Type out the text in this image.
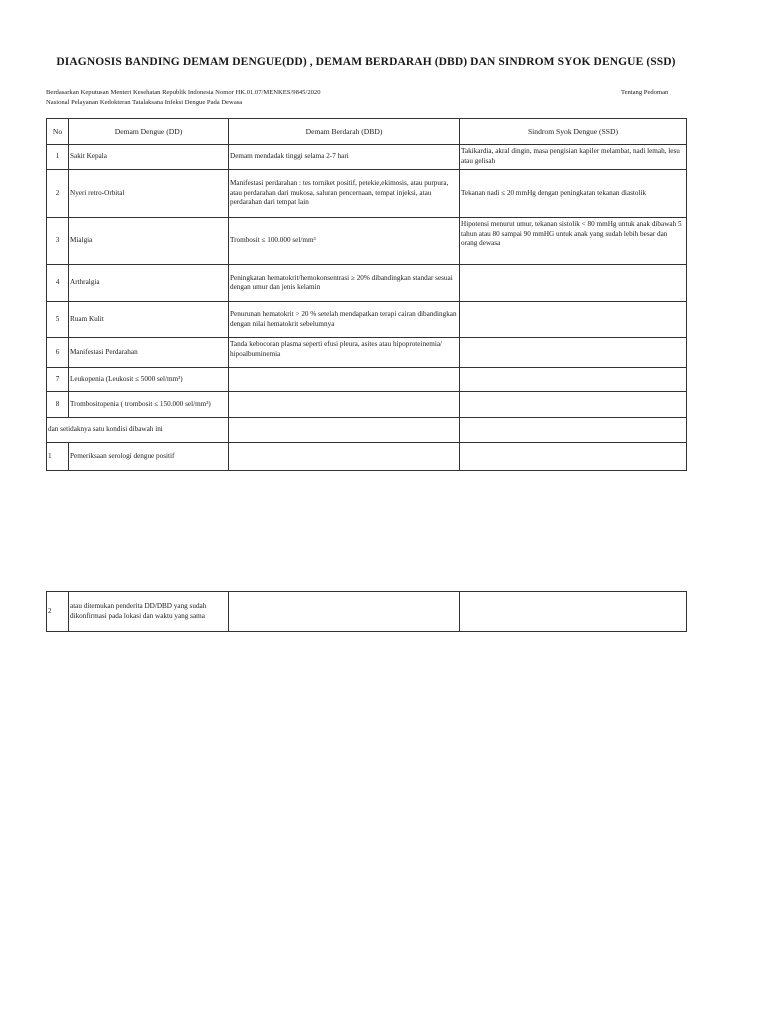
DIAGNOSIS BANDING DEMAM DENGUE(DD) , DEMAM BERDARAH (DBD) DAN SINDROM SYOK DENGUE (SSD)
Berdasarkan Keputusan Menteri Kesehatan Republik Indonesia Nomor HK.01.07/MENKES/9845/2020
Nasional Pelayanan Kedokteran Tatalaksana Infeksi Dengue Pada Dewasa
Tentang Pedoman
No	Demam Dengue (DD)	Demam Berdarah (DBD)	Sindrom Syok Dengue (SSD)
1	Sakit Kepala	Demam mendadak tinggi selama 2-7 hari	Takikardia, akral dingin, masa pengisian kapiler melambat, nadi lemah, lesu atau gelisah
2	Nyeri retro-Orbital	Manifestasi perdarahan : tes torniket positif, petekie,ekimosis, atau purpura, atau perdarahan dari mukosa, saluran pencernaan, tempat injeksi, atau perdarahan dari tempat lain	Tekanan nadi ≤ 20 mmHg dengan peningkatan tekanan diastolik
3	Mialgia	Trombosit ≤ 100.000 sel/mm³	Hipotensi menurut umur, tekanan sistolik < 80 mmHg untuk anak dibawah 5 tahun atau 80 sampai 90 mmHG untuk anak yang sudah lebih besar dan orang dewasa
4	Arthralgia	Peningkatan hematokrit/hemokonsentrasi ≥ 20% dibandingkan standar sesuai dengan umur dan jenis kelamin	
5	Ruam Kulit	Penurunan hematokrit > 20 % setelah mendapatkan terapi cairan dibandingkan dengan nilai hematokrit sebelumnya	
6	Manifestasi Perdarahan	Tanda kebocoran plasma seperti efusi pleura, asites atau hipoproteinemia/ hipoalbuminemia	
7	Leukopenia (Leukosit ≤ 5000 sel/mm³)		
8	Trombositopenia ( trombosit ≤ 150.000 sel/mm³)		
dan setidaknya satu kondisi dibawah ini			
1	Pemeriksaan serologi dengue positif		
2	atau ditemukan penderita DD/DBD yang sudah dikonfirmasi pada lokasi dan waktu yang sama		
